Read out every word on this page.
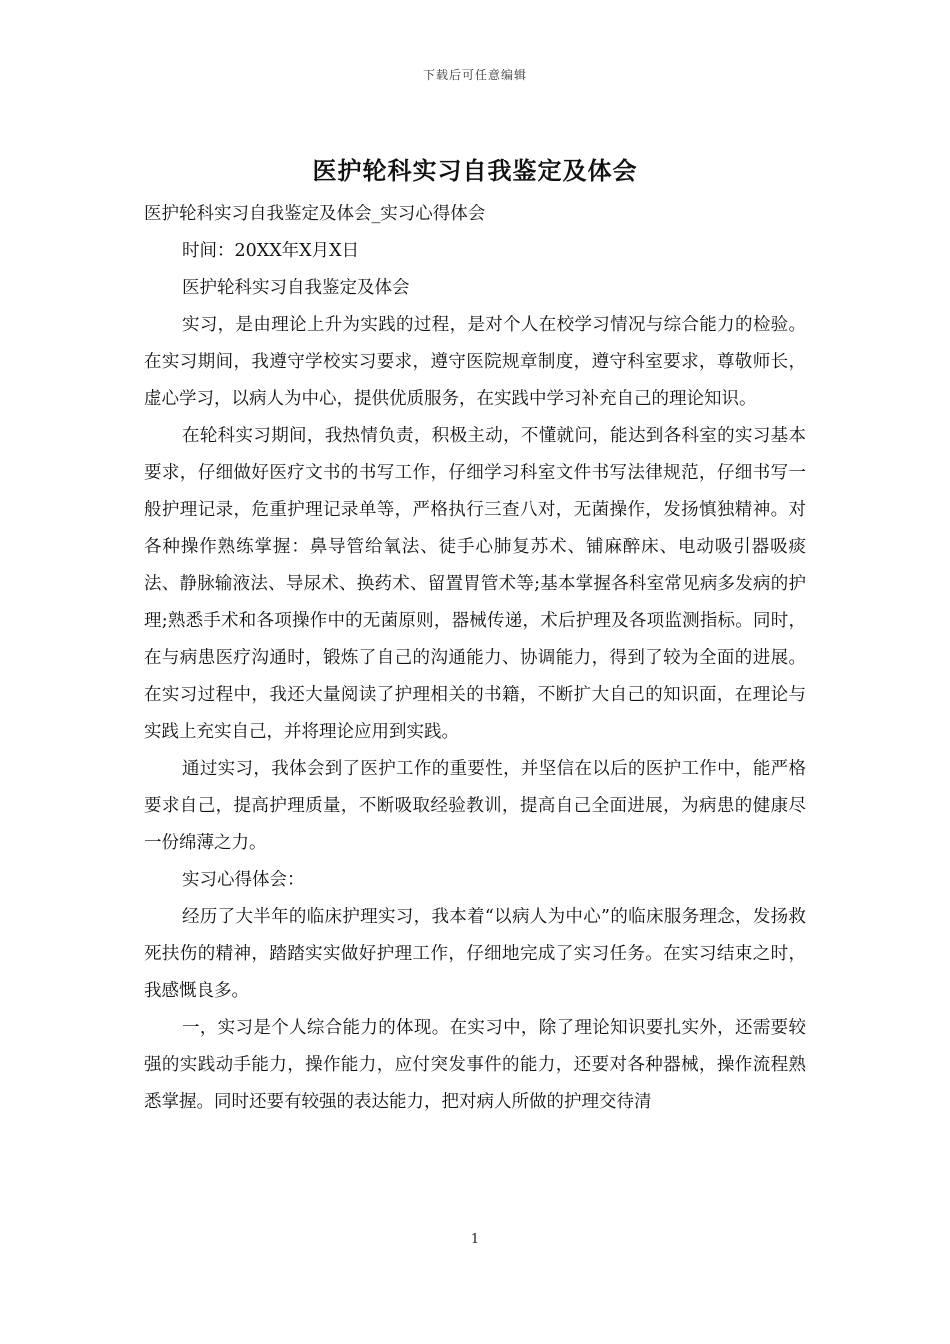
下载后可任意编辑
医护轮科实习自我鉴定及体会

医护轮科实习自我鉴定及体会_实习心得体会

时间：20XX年X月X日

医护轮科实习自我鉴定及体会

实习，是由理论上升为实践的过程，是对个人在校学习情况与综合能力的检验。在实习期间，我遵守学校实习要求，遵守医院规章制度，遵守科室要求，尊敬师长，虚心学习，以病人为中心，提供优质服务，在实践中学习补充自己的理论知识。

在轮科实习期间，我热情负责，积极主动，不懂就问，能达到各科室的实习基本要求，仔细做好医疗文书的书写工作，仔细学习科室文件书写法律规范，仔细书写一般护理记录，危重护理记录单等，严格执行三查八对，无菌操作，发扬慎独精神。对各种操作熟练掌握：鼻导管给氧法、徒手心肺复苏术、铺麻醉床、电动吸引器吸痰法、静脉输液法、导尿术、换药术、留置胃管术等;基本掌握各科室常见病多发病的护理;熟悉手术和各项操作中的无菌原则，器械传递，术后护理及各项监测指标。同时，在与病患医疗沟通时，锻炼了自己的沟通能力、协调能力，得到了较为全面的进展。在实习过程中，我还大量阅读了护理相关的书籍，不断扩大自己的知识面，在理论与实践上充实自己，并将理论应用到实践。

通过实习，我体会到了医护工作的重要性，并坚信在以后的医护工作中，能严格要求自己，提高护理质量，不断吸取经验教训，提高自己全面进展，为病患的健康尽一份绵薄之力。

实习心得体会：

经历了大半年的临床护理实习，我本着“以病人为中心”的临床服务理念，发扬救死扶伤的精神，踏踏实实做好护理工作，仔细地完成了实习任务。在实习结束之时，我感慨良多。

一，实习是个人综合能力的体现。在实习中，除了理论知识要扎实外，还需要较强的实践动手能力，操作能力，应付突发事件的能力，还要对各种器械，操作流程熟悉掌握。同时还要有较强的表达能力，把对病人所做的护理交待清

1
